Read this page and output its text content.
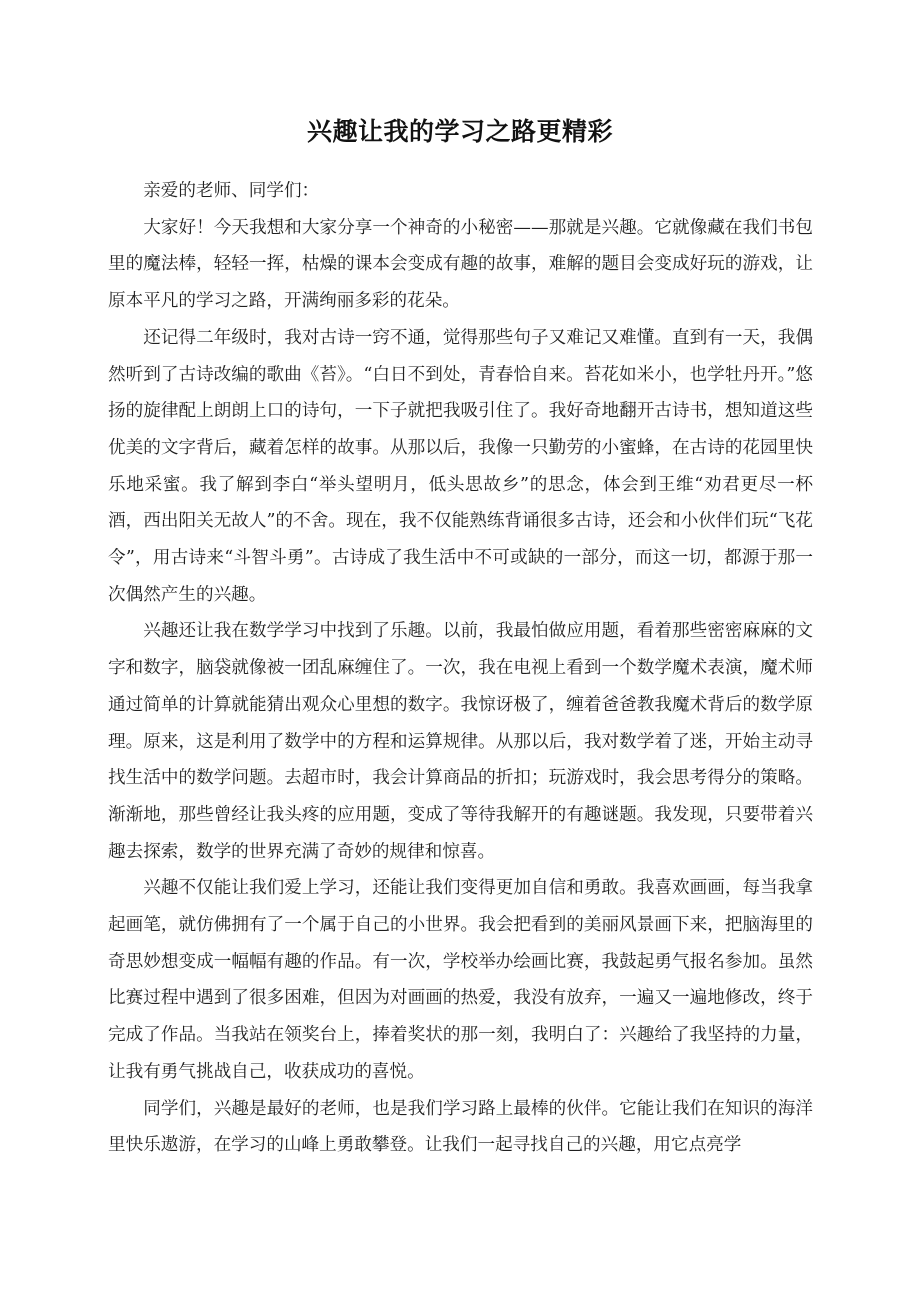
兴趣让我的学习之路更精彩

亲爱的老师、同学们：

大家好！今天我想和大家分享一个神奇的小秘密——那就是兴趣。它就像藏在我们书包里的魔法棒，轻轻一挥，枯燥的课本会变成有趣的故事，难解的题目会变成好玩的游戏，让原本平凡的学习之路，开满绚丽多彩的花朵。

还记得二年级时，我对古诗一窍不通，觉得那些句子又难记又难懂。直到有一天，我偶然听到了古诗改编的歌曲《苔》。“白日不到处，青春恰自来。苔花如米小，也学牡丹开。”悠扬的旋律配上朗朗上口的诗句，一下子就把我吸引住了。我好奇地翻开古诗书，想知道这些优美的文字背后，藏着怎样的故事。从那以后，我像一只勤劳的小蜜蜂，在古诗的花园里快乐地采蜜。我了解到李白“举头望明月，低头思故乡”的思念，体会到王维“劝君更尽一杯酒，西出阳关无故人”的不舍。现在，我不仅能熟练背诵很多古诗，还会和小伙伴们玩“飞花令”，用古诗来“斗智斗勇”。古诗成了我生活中不可或缺的一部分，而这一切，都源于那一次偶然产生的兴趣。

兴趣还让我在数学学习中找到了乐趣。以前，我最怕做应用题，看着那些密密麻麻的文字和数字，脑袋就像被一团乱麻缠住了。一次，我在电视上看到一个数学魔术表演，魔术师通过简单的计算就能猜出观众心里想的数字。我惊讶极了，缠着爸爸教我魔术背后的数学原理。原来，这是利用了数学中的方程和运算规律。从那以后，我对数学着了迷，开始主动寻找生活中的数学问题。去超市时，我会计算商品的折扣；玩游戏时，我会思考得分的策略。渐渐地，那些曾经让我头疼的应用题，变成了等待我解开的有趣谜题。我发现，只要带着兴趣去探索，数学的世界充满了奇妙的规律和惊喜。

兴趣不仅能让我们爱上学习，还能让我们变得更加自信和勇敢。我喜欢画画，每当我拿起画笔，就仿佛拥有了一个属于自己的小世界。我会把看到的美丽风景画下来，把脑海里的奇思妙想变成一幅幅有趣的作品。有一次，学校举办绘画比赛，我鼓起勇气报名参加。虽然比赛过程中遇到了很多困难，但因为对画画的热爱，我没有放弃，一遍又一遍地修改，终于完成了作品。当我站在领奖台上，捧着奖状的那一刻，我明白了：兴趣给了我坚持的力量，让我有勇气挑战自己，收获成功的喜悦。

同学们，兴趣是最好的老师，也是我们学习路上最棒的伙伴。它能让我们在知识的海洋里快乐遨游，在学习的山峰上勇敢攀登。让我们一起寻找自己的兴趣，用它点亮学
